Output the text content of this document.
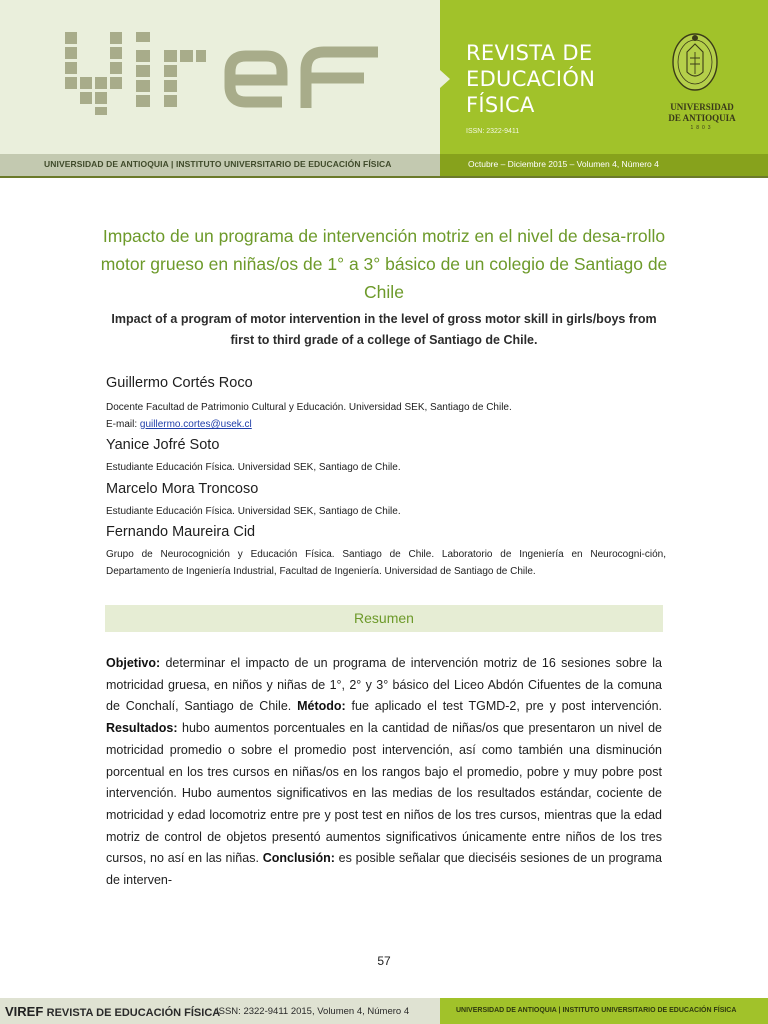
REVISTA DE
EDUCACIÓN
FÍSICA
ISSN: 2322-9411
UNIVERSIDAD
DE ANTIOQUIA
1803
UNIVERSIDAD DE ANTIOQUIA | INSTITUTO UNIVERSITARIO DE EDUCACIÓN FÍSICA	Octubre – Diciembre 2015 – Volumen 4, Número 4
Impacto de un programa de intervención motriz en el nivel de desa-rrollo motor grueso en niñas/os de 1° a 3° básico de un colegio de Santiago de Chile
Impact of a program of motor intervention in the level of gross motor skill in girls/boys from first to third grade of a college of Santiago de Chile.
Guillermo Cortés Roco
Docente Facultad de Patrimonio Cultural y Educación. Universidad SEK, Santiago de Chile.
E-mail: guillermo.cortes@usek.cl
Yanice Jofré Soto
Estudiante Educación Física. Universidad SEK, Santiago de Chile.
Marcelo Mora Troncoso
Estudiante Educación Física. Universidad SEK, Santiago de Chile.
Fernando Maureira Cid
Grupo de Neurocognición y Educación Física. Santiago de Chile. Laboratorio de Ingeniería en Neurocogni-ción, Departamento de Ingeniería Industrial, Facultad de Ingeniería. Universidad de Santiago de Chile.
Resumen
Objetivo: determinar el impacto de un programa de intervención motriz de 16 sesiones sobre la motricidad gruesa, en niños y niñas de 1°, 2° y 3° básico del Liceo Abdón Cifuentes de la comuna de Conchalí, Santiago de Chile. Método: fue aplicado el test TGMD-2, pre y post intervención. Resultados: hubo aumentos porcentuales en la cantidad de niñas/os que presentaron un nivel de motricidad promedio o sobre el promedio post intervención, así como también una disminución porcentual en los tres cursos en niñas/os en los rangos bajo el promedio, pobre y muy pobre post intervención. Hubo aumentos significativos en las medias de los resultados estándar, cociente de motricidad y edad locomotriz entre pre y post test en niños de los tres cursos, mientras que la edad motriz de control de objetos presentó aumentos significativos únicamente entre niños de los tres cursos, no así en las niñas. Conclusión: es posible señalar que dieciséis sesiones de un programa de interven-
57
VIREF REVISTA DE EDUCACIÓN FÍSICA
ISSN: 2322-9411 2015, Volumen 4, Número 4	UNIVERSIDAD DE ANTIOQUIA | INSTITUTO UNIVERSITARIO DE EDUCACIÓN FÍSICA
